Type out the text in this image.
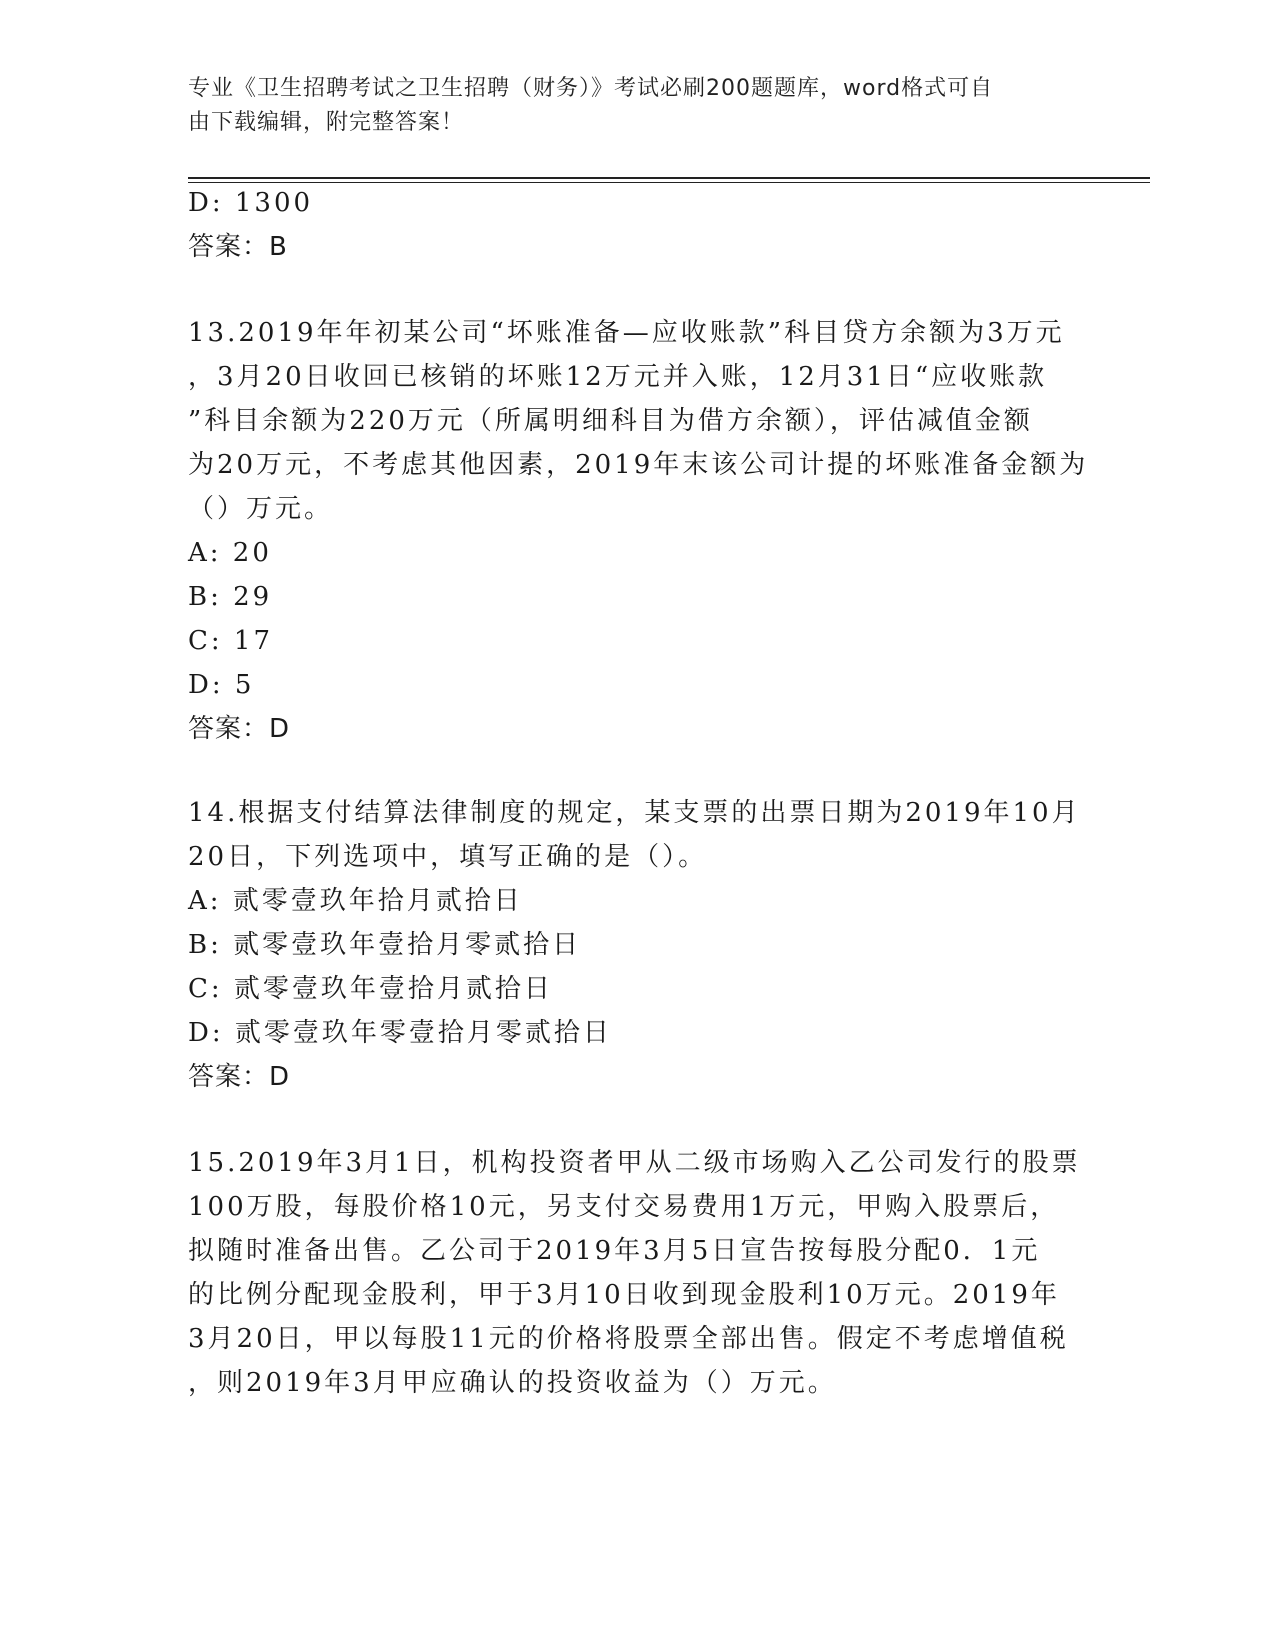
专业《卫生招聘考试之卫生招聘（财务）》考试必刷200题题库，word格式可自
由下载编辑，附完整答案！
D: 1300
答案：B
13.2019年年初某公司“坏账准备—应收账款”科目贷方余额为3万元
，3月20日收回已核销的坏账12万元并入账，12月31日“应收账款
”科目余额为220万元（所属明细科目为借方余额），评估减值金额
为20万元，不考虑其他因素，2019年末该公司计提的坏账准备金额为
（）万元。
A: 20
B: 29
C: 17
D: 5
答案：D
14.根据支付结算法律制度的规定，某支票的出票日期为2019年10月
20日，下列选项中，填写正确的是（）。
A: 贰零壹玖年拾月贰拾日
B: 贰零壹玖年壹拾月零贰拾日
C: 贰零壹玖年壹拾月贰拾日
D: 贰零壹玖年零壹拾月零贰拾日
答案：D
15.2019年3月1日，机构投资者甲从二级市场购入乙公司发行的股票
100万股，每股价格10元，另支付交易费用1万元，甲购入股票后，
拟随时准备出售。乙公司于2019年3月5日宣告按每股分配0．1元
的比例分配现金股利，甲于3月10日收到现金股利10万元。2019年
3月20日，甲以每股11元的价格将股票全部出售。假定不考虑增值税
，则2019年3月甲应确认的投资收益为（）万元。
